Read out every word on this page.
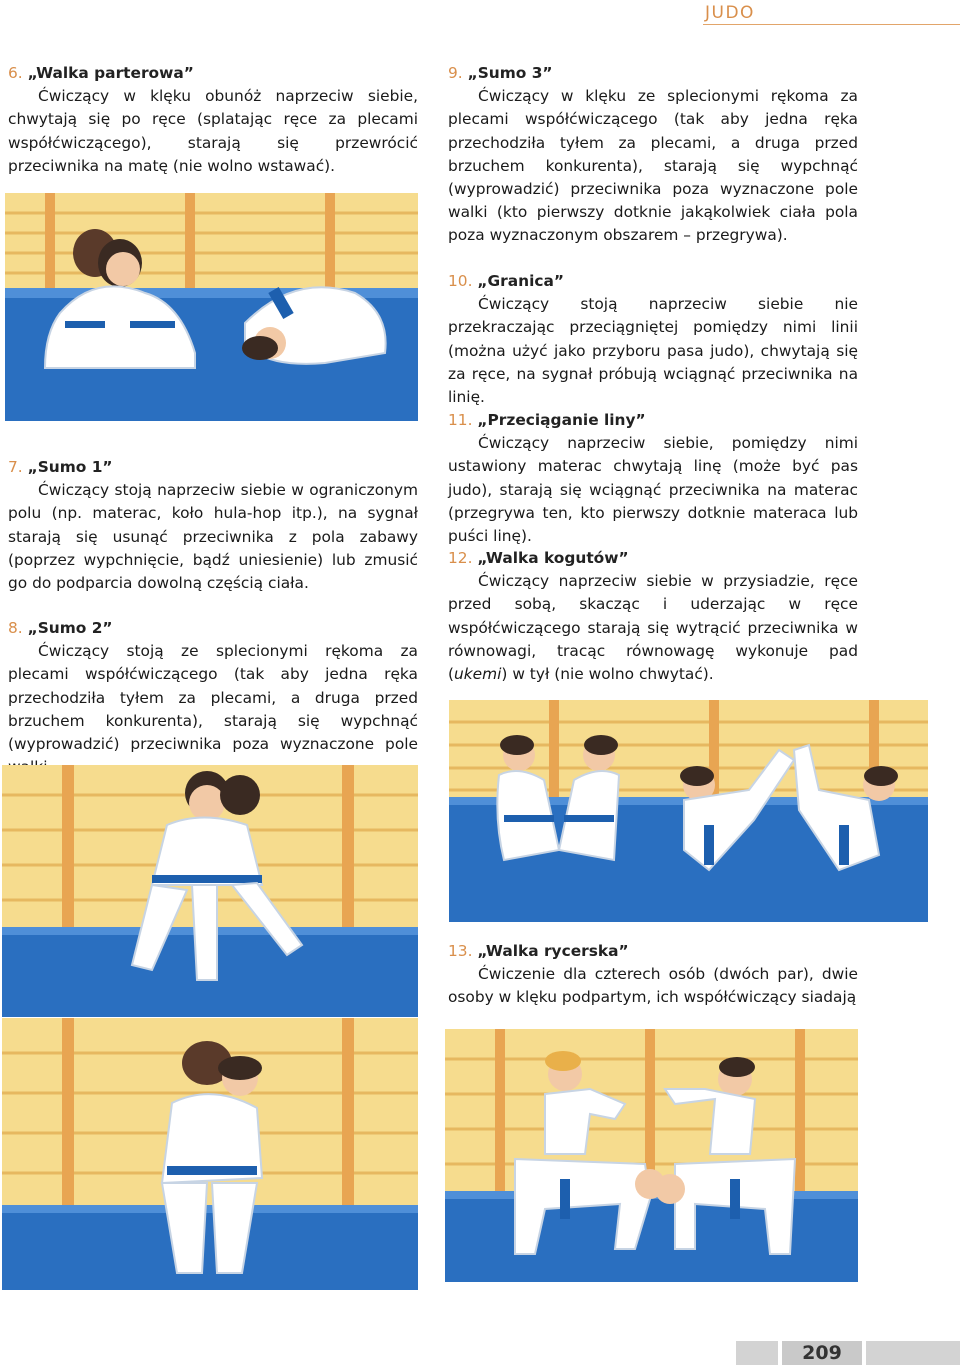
JUDO
6. „Walka parterowa”
Ćwiczący w klęku obunóż naprzeciw siebie, chwytają się po ręce (splatając ręce za plecami współćwiczącego), starają się przewrócić przeciwnika na matę (nie wolno wstawać).
9. „Sumo 3”
Ćwiczący w klęku ze splecionymi rękoma za plecami współćwiczącego (tak aby jedna ręka przechodziła tyłem za plecami, a druga przed brzuchem konkurenta), starają się wypchnąć (wyprowadzić) przeciwnika poza wyznaczone pole walki (kto pierwszy dotknie jakąkolwiek ciała pola poza wyznaczonym obszarem – przegrywa).
10. „Granica”
Ćwiczący stoją naprzeciw siebie nie przekraczając przeciągniętej pomiędzy nimi linii (można użyć jako przyboru pasa judo), chwytają się za ręce, na sygnał próbują wciągnąć przeciwnika na linię.
11. „Przeciąganie liny”
Ćwiczący naprzeciw siebie, pomiędzy nimi ustawiony materac chwytają linę (może być pas judo), starają się wciągnąć przeciwnika na materac (przegrywa ten, kto pierwszy dotknie materaca lub puści linę).
12. „Walka kogutów”
Ćwiczący naprzeciw siebie w przysiadzie, ręce przed sobą, skacząc i uderzając w ręce współćwiczącego starają się wytrącić przeciwnika w równowagi, tracąc równowagę wykonuje pad (ukemi) w tył (nie wolno chwytać).
7. „Sumo 1”
Ćwiczący stoją naprzeciw siebie w ograniczonym polu (np. materac, koło hula-hop itp.), na sygnał starają się usunąć przeciwnika z pola zabawy (poprzez wypchnięcie, bądź uniesienie) lub zmusić go do podparcia dowolną częścią ciała.
8. „Sumo 2”
Ćwiczący stoją ze splecionymi rękoma za plecami współćwiczącego (tak aby jedna ręka przechodziła tyłem za plecami, a druga przed brzuchem konkurenta), starają się wypchnąć (wyprowadzić) przeciwnika poza wyznaczone pole
13. „Walka rycerska”
Ćwiczenie dla czterech osób (dwóch par), dwie osoby w klęku podpartym, ich współćwiczący siadają
209
